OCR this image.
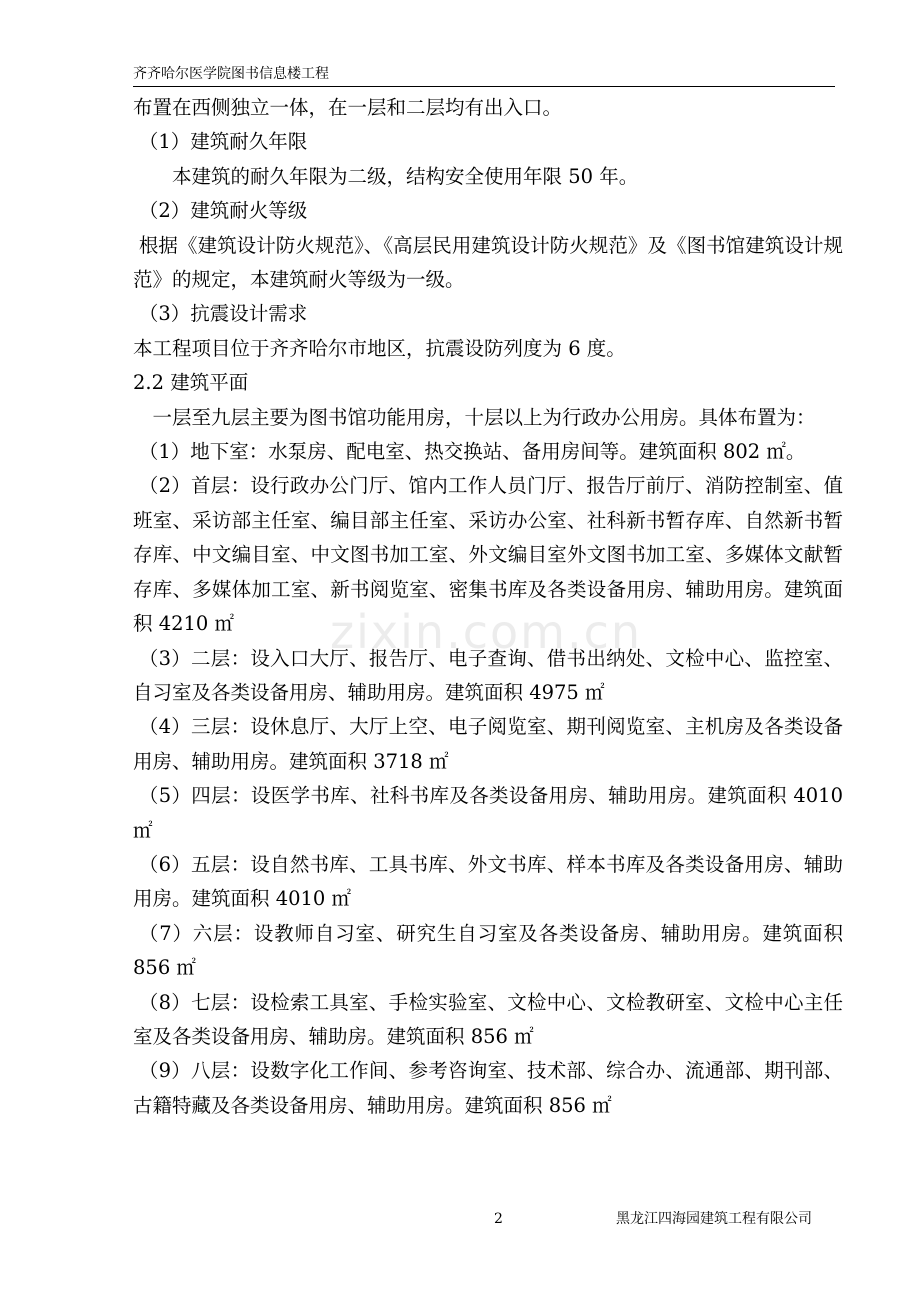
齐齐哈尔医学院图书信息楼工程

布置在西侧独立一体，在一层和二层均有出入口。

（1）建筑耐久年限

本建筑的耐久年限为二级，结构安全使用年限 50 年。

（2）建筑耐火等级

根据《建筑设计防火规范》、《高层民用建筑设计防火规范》及《图书馆建筑设计规范》的规定，本建筑耐火等级为一级。

（3）抗震设计需求

本工程项目位于齐齐哈尔市地区，抗震设防列度为 6 度。

2.2 建筑平面

一层至九层主要为图书馆功能用房，十层以上为行政办公用房。具体布置为：

（1）地下室：水泵房、配电室、热交换站、备用房间等。建筑面积 802 ㎡。

（2）首层：设行政办公门厅、馆内工作人员门厅、报告厅前厅、消防控制室、值班室、采访部主任室、编目部主任室、采访办公室、社科新书暂存库、自然新书暂存库、中文编目室、中文图书加工室、外文编目室外文图书加工室、多媒体文献暂存库、多媒体加工室、新书阅览室、密集书库及各类设备用房、辅助用房。建筑面积 4210 ㎡

（3）二层：设入口大厅、报告厅、电子查询、借书出纳处、文检中心、监控室、自习室及各类设备用房、辅助用房。建筑面积 4975 ㎡

（4）三层：设休息厅、大厅上空、电子阅览室、期刊阅览室、主机房及各类设备用房、辅助用房。建筑面积 3718 ㎡

（5）四层：设医学书库、社科书库及各类设备用房、辅助用房。建筑面积 4010 ㎡

（6）五层：设自然书库、工具书库、外文书库、样本书库及各类设备用房、辅助用房。建筑面积 4010 ㎡

（7）六层：设教师自习室、研究生自习室及各类设备房、辅助用房。建筑面积 856 ㎡

（8）七层：设检索工具室、手检实验室、文检中心、文检教研室、文检中心主任室及各类设备用房、辅助房。建筑面积 856 ㎡

（9）八层：设数字化工作间、参考咨询室、技术部、综合办、流通部、期刊部、古籍特藏及各类设备用房、辅助用房。建筑面积 856 ㎡

zixin.com.cn
2	黑龙江四海园建筑工程有限公司
